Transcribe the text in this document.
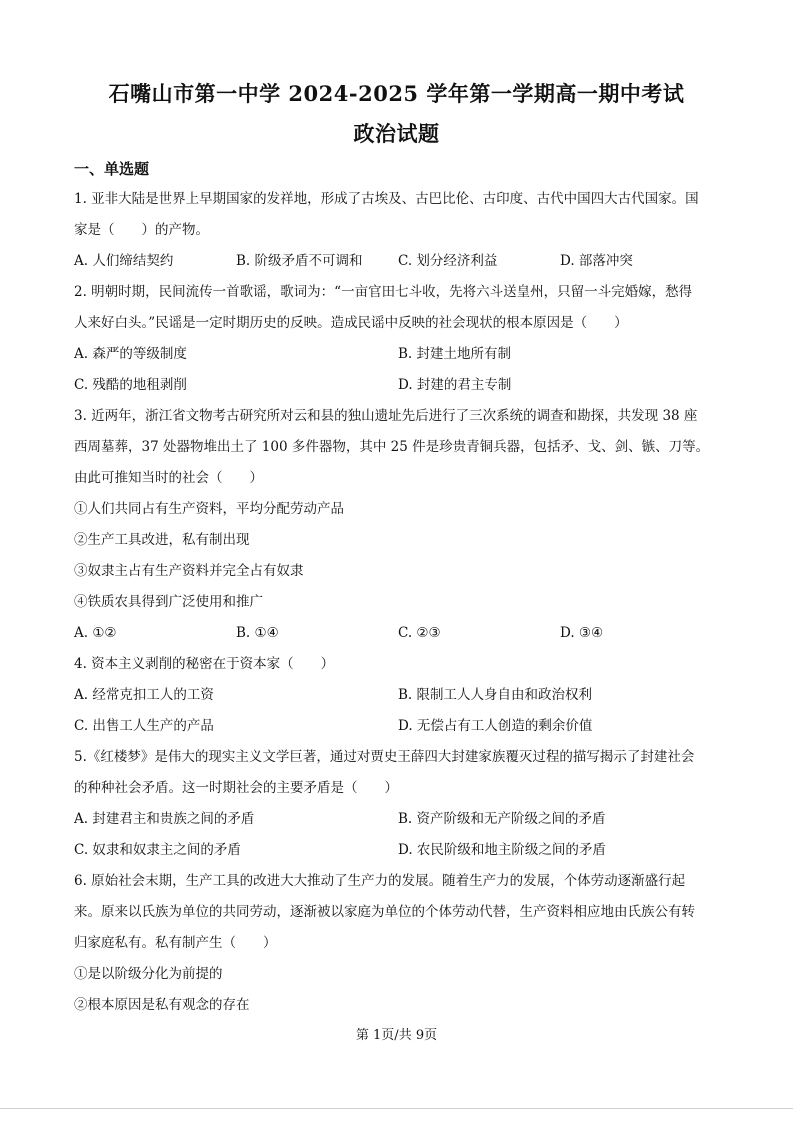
石嘴山市第一中学 2024-2025 学年第一学期高一期中考试
政治试题
一、单选题

1. 亚非大陆是世界上早期国家的发祥地，形成了古埃及、古巴比伦、古印度、古代中国四大古代国家。国

家是（　　）的产物。

A. 人们缔结契约	B. 阶级矛盾不可调和	C. 划分经济利益	D. 部落冲突

2. 明朝时期，民间流传一首歌谣，歌词为：“一亩官田七斗收，先将六斗送皇州，只留一斗完婚嫁，愁得

人来好白头。”民谣是一定时期历史的反映。造成民谣中反映的社会现状的根本原因是（　　）

A. 森严的等级制度	B. 封建土地所有制
C. 残酷的地租剥削	D. 封建的君主专制

3. 近两年，浙江省文物考古研究所对云和县的独山遗址先后进行了三次系统的调查和勘探，共发现 38 座

西周墓葬，37 处器物堆出土了 100 多件器物，其中 25 件是珍贵青铜兵器，包括矛、戈、剑、镞、刀等。

由此可推知当时的社会（　　）

①人们共同占有生产资料，平均分配劳动产品

②生产工具改进，私有制出现

③奴隶主占有生产资料并完全占有奴隶

④铁质农具得到广泛使用和推广

A. ①②	B. ①④	C. ②③	D. ③④

4. 资本主义剥削的秘密在于资本家（　　）

A. 经常克扣工人的工资	B. 限制工人人身自由和政治权利
C. 出售工人生产的产品	D. 无偿占有工人创造的剩余价值

5.《红楼梦》是伟大的现实主义文学巨著，通过对贾史王薛四大封建家族覆灭过程的描写揭示了封建社会

的种种社会矛盾。这一时期社会的主要矛盾是（　　）

A. 封建君主和贵族之间的矛盾	B. 资产阶级和无产阶级之间的矛盾
C. 奴隶和奴隶主之间的矛盾	D. 农民阶级和地主阶级之间的矛盾

6. 原始社会末期，生产工具的改进大大推动了生产力的发展。随着生产力的发展，个体劳动逐渐盛行起

来。原来以氏族为单位的共同劳动，逐渐被以家庭为单位的个体劳动代替，生产资料相应地由氏族公有转

归家庭私有。私有制产生（　　）

①是以阶级分化为前提的

②根本原因是私有观念的存在

第 1页/共 9页
